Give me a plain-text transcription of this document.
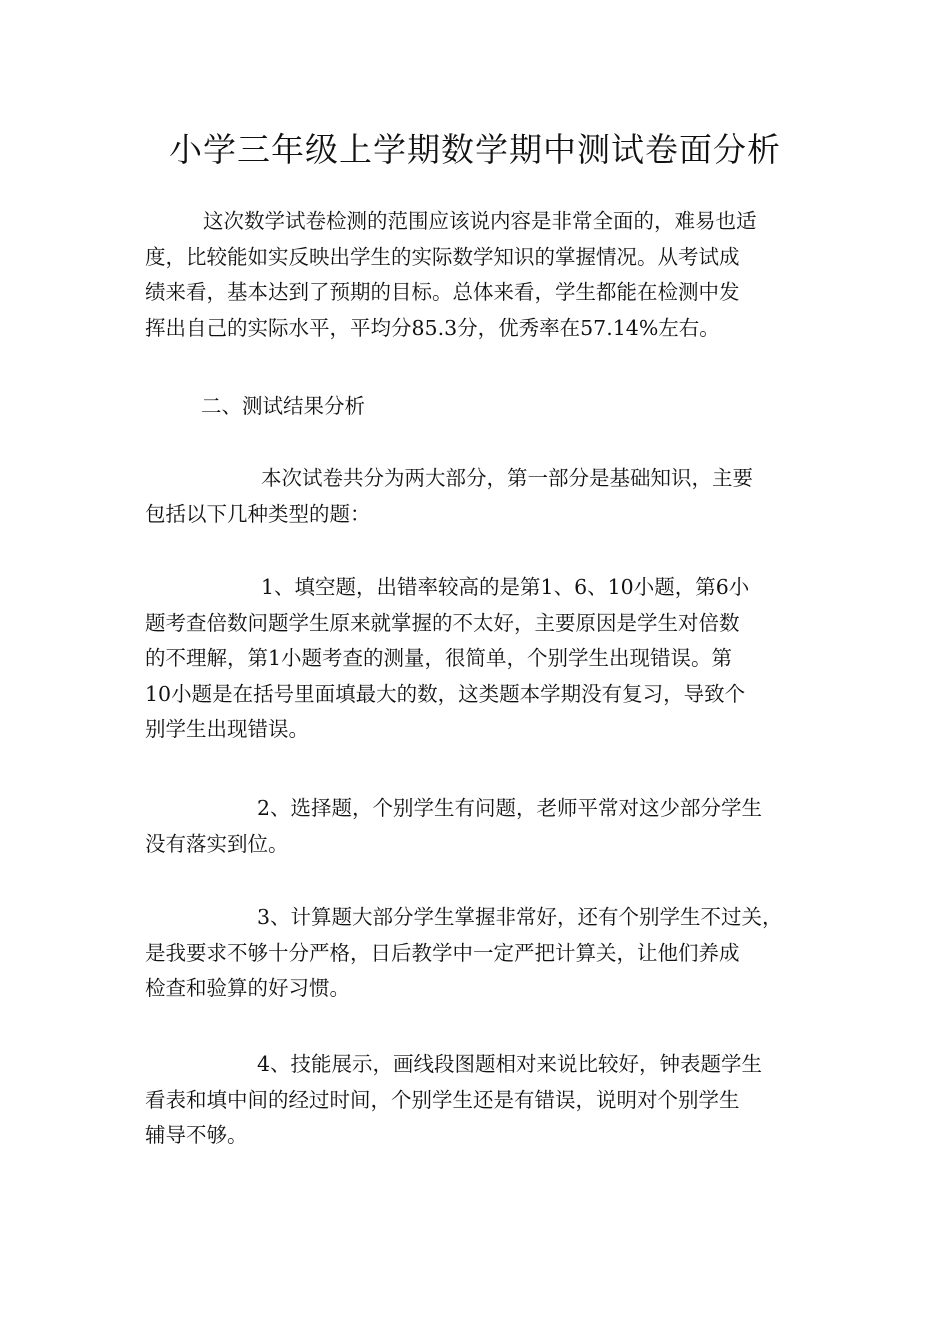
小学三年级上学期数学期中测试卷面分析
这次数学试卷检测的范围应该说内容是非常全面的，难易也适
度，比较能如实反映出学生的实际数学知识的掌握情况。从考试成
绩来看，基本达到了预期的目标。总体来看，学生都能在检测中发
挥出自己的实际水平，平均分85.3分，优秀率在57.14%左右。
二、测试结果分析
本次试卷共分为两大部分，第一部分是基础知识，主要
包括以下几种类型的题：
1、填空题，出错率较高的是第1、6、10小题，第6小
题考查倍数问题学生原来就掌握的不太好，主要原因是学生对倍数
的不理解，第1小题考查的测量，很简单，个别学生出现错误。第
10小题是在括号里面填最大的数，这类题本学期没有复习，导致个
别学生出现错误。
2、选择题，个别学生有问题，老师平常对这少部分学生
没有落实到位。
3、计算题大部分学生掌握非常好，还有个别学生不过关，
是我要求不够十分严格，日后教学中一定严把计算关，让他们养成
检查和验算的好习惯。
4、技能展示，画线段图题相对来说比较好，钟表题学生
看表和填中间的经过时间，个别学生还是有错误，说明对个别学生
辅导不够。
